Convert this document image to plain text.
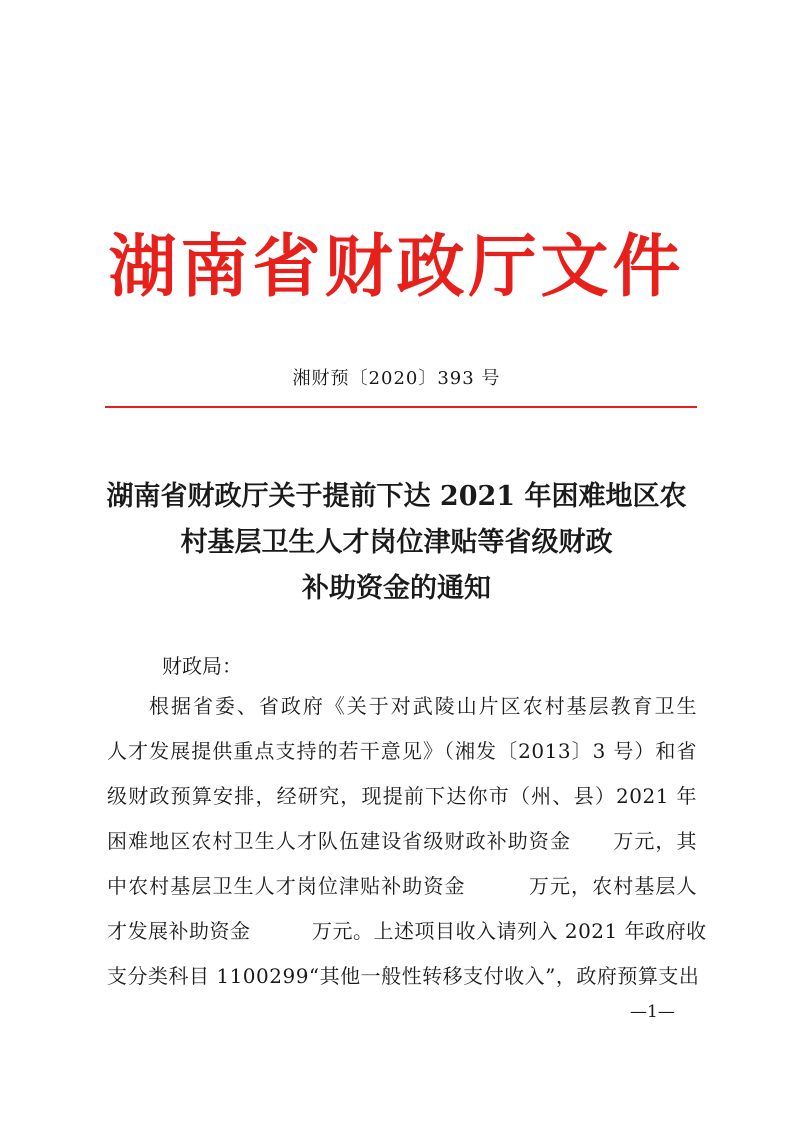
湖南省财政厅文件
湘财预〔2020〕393 号
湖南省财政厅关于提前下达 2021 年困难地区农
村基层卫生人才岗位津贴等省级财政
补助资金的通知
财政局：
根据省委、省政府《关于对武陵山片区农村基层教育卫生
人才发展提供重点支持的若干意见》（湘发〔2013〕3 号）和省
级财政预算安排，经研究，现提前下达你市（州、县）2021 年
困难地区农村卫生人才队伍建设省级财政补助资金　　万元，其
中农村基层卫生人才岗位津贴补助资金　　　万元，农村基层人
才发展补助资金　　　万元。上述项目收入请列入 2021 年政府收
支分类科目 1100299“其他一般性转移支付收入”，政府预算支出
—1—
